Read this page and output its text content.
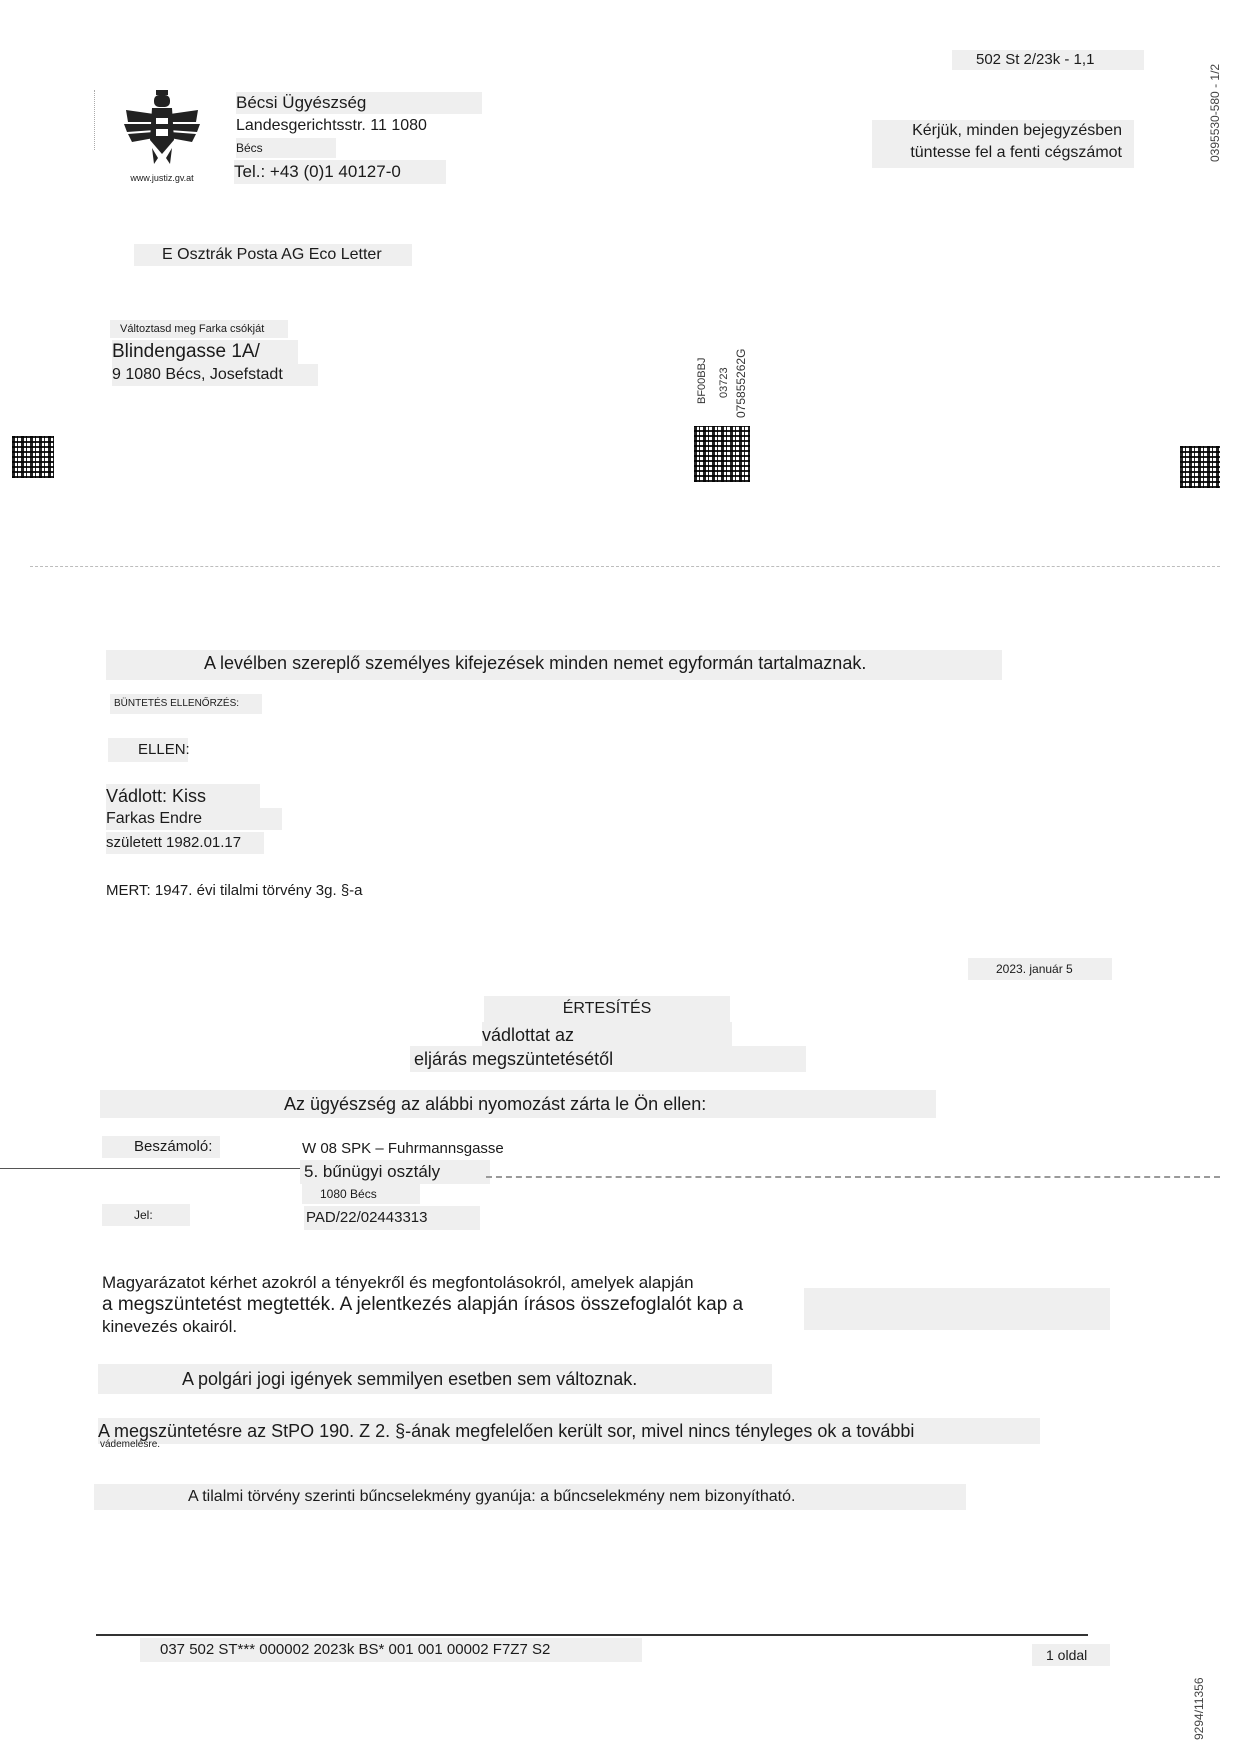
502 St 2/23k - 1,1
0395530-580 - 1/2
9294/11356
www.justiz.gv.at
Bécsi Ügyészség
Landesgerichtsstr. 11 1080
Bécs
Tel.: +43 (0)1 40127-0
Kérjük, minden bejegyzésben
tüntesse fel a fenti cégszámot
E Osztrák Posta AG Eco Letter
Változtasd meg Farka csókját
Blindengasse 1A/
9 1080 Bécs, Josefstadt	BF00BBJ 03723 075855262G
A levélben szereplő személyes kifejezések minden nemet egyformán tartalmaznak.
BÜNTETÉS ELLENŐRZÉS:
ELLEN:
Vádlott: Kiss
Farkas Endre
született 1982.01.17
MERT: 1947. évi tilalmi törvény 3g. §-a
2023. január 5
ÉRTESÍTÉS
vádlottat az
eljárás megszüntetésétől
Az ügyészség az alábbi nyomozást zárta le Ön ellen:
Beszámoló:	W 08 SPK – Fuhrmannsgasse
5. bűnügyi osztály
1080 Bécs
Jel:	PAD/22/02443313
Magyarázatot kérhet azokról a tényekről és megfontolásokról, amelyek alapján
a megszüntetést megtették. A jelentkezés alapján írásos összefoglalót kap a
kinevezés okairól.
A polgári jogi igények semmilyen esetben sem változnak.
A megszüntetésre az StPO 190. Z 2. §-ának megfelelően került sor, mivel nincs tényleges ok a további
vádemelésre.
A tilalmi törvény szerinti bűncselekmény gyanúja: a bűncselekmény nem bizonyítható.
037 502 ST*** 000002 2023k BS* 001 001 00002 F7Z7 S2	1 oldal
